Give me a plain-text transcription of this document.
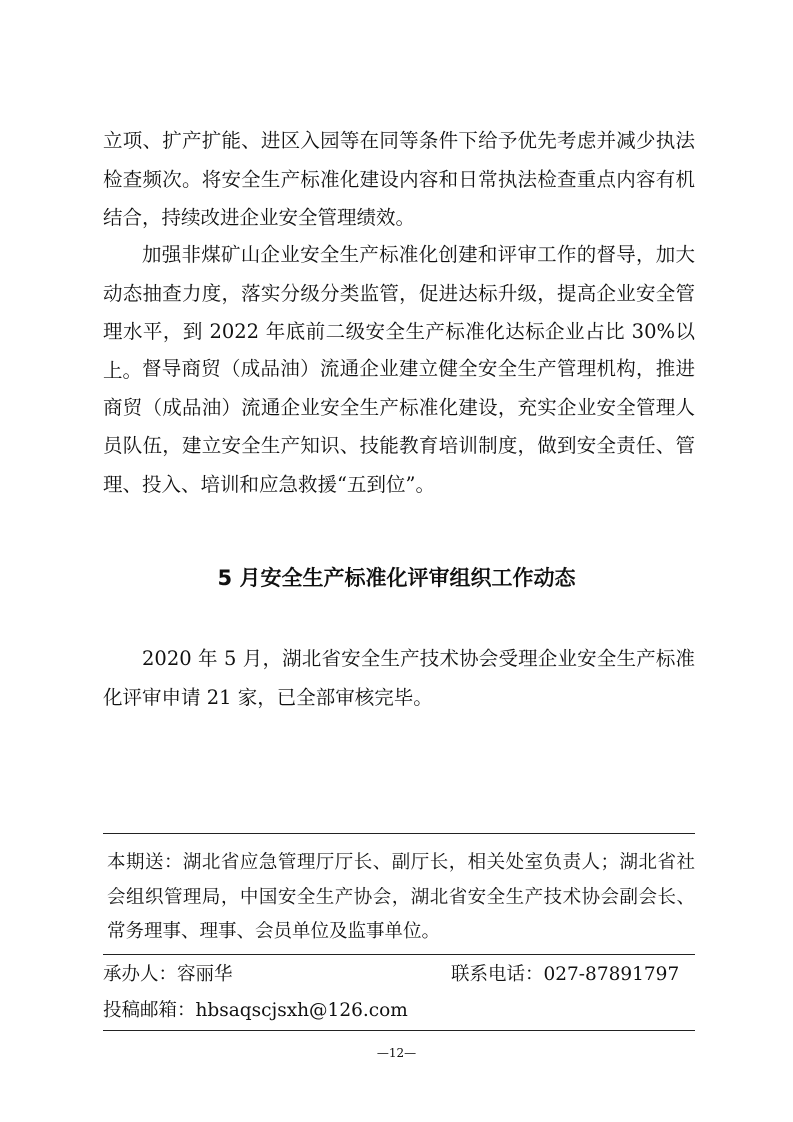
立项、扩产扩能、进区入园等在同等条件下给予优先考虑并减少执法检查频次。将安全生产标准化建设内容和日常执法检查重点内容有机结合，持续改进企业安全管理绩效。

加强非煤矿山企业安全生产标准化创建和评审工作的督导，加大动态抽查力度，落实分级分类监管，促进达标升级，提高企业安全管理水平，到 2022 年底前二级安全生产标准化达标企业占比 30%以上。 督导商贸（成品油）流通企业建立健全安全生产管理机构，推进商贸（成品油）流通企业安全生产标准化建设，充实企业安全管理人员队伍，建立安全生产知识、技能教育培训制度，做到安全责任、管理、投入、培训和应急救援“五到位”。

5 月安全生产标准化评审组织工作动态

2020 年 5 月，湖北省安全生产技术协会受理企业安全生产标准化评审申请 21 家，已全部审核完毕。

本期送：湖北省应急管理厅厅长、副厅长，相关处室负责人；湖北省社会组织管理局，中国安全生产协会，湖北省安全生产技术协会副会长、常务理事、理事、会员单位及监事单位。

承办人：容丽华	联系电话：027-87891797
投稿邮箱：hbsaqscjsxh@126.com
—12—
